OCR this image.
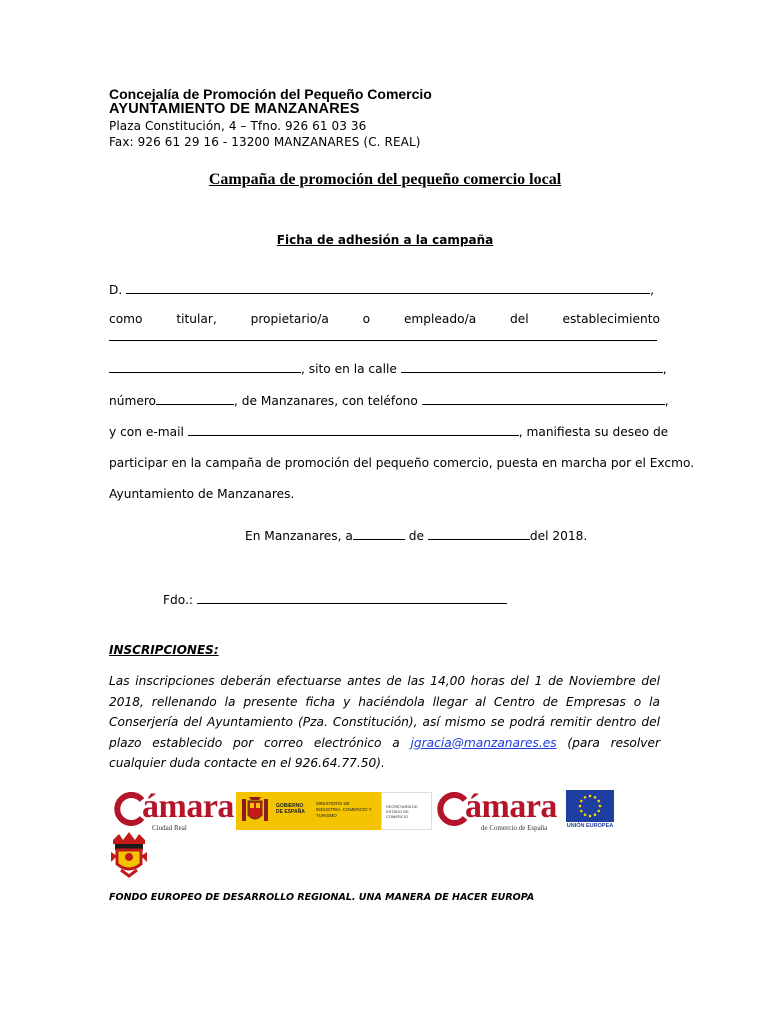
Concejalía de Promoción del Pequeño Comercio
AYUNTAMIENTO DE MANZANARES
Plaza Constitución, 4 – Tfno. 926 61 03 36
Fax: 926 61 29 16 - 13200 MANZANARES (C. REAL)
Campaña de promoción del pequeño comercio local
Ficha de adhesión a la campaña
D.	,
como	titular,	propietario/a	o	empleado/a	del	establecimiento
, sito en la calle	,
número	, de Manzanares, con teléfono	,
y con e-mail	, manifiesta su deseo de
participar en la campaña de promoción del pequeño comercio, puesta en marcha por el Excmo.
Ayuntamiento de Manzanares.
En Manzanares, a	de	del 2018.
Fdo.:
INSCRIPCIONES:
Las inscripciones deberán efectuarse antes de las 14,00 horas del 1 de Noviembre del 2018, rellenando la presente ficha y haciéndola llegar al Centro de Empresas o la Conserjería del Ayuntamiento (Pza. Constitución), así mismo se podrá remitir dentro del plazo establecido por correo electrónico a jgracia@manzanares.es (para resolver cualquier duda contacte en el 926.64.77.50).
ámara
Ciudad Real
GOBIERNO
DE ESPAÑA
MINISTERIO DE INDUSTRIA, COMERCIO Y TURISMO
SECRETARÍA DE ESTADO DE COMERCIO	ámara
de Comercio de España	UNIÓN EUROPEA
FONDO EUROPEO DE DESARROLLO REGIONAL. UNA MANERA DE HACER EUROPA
